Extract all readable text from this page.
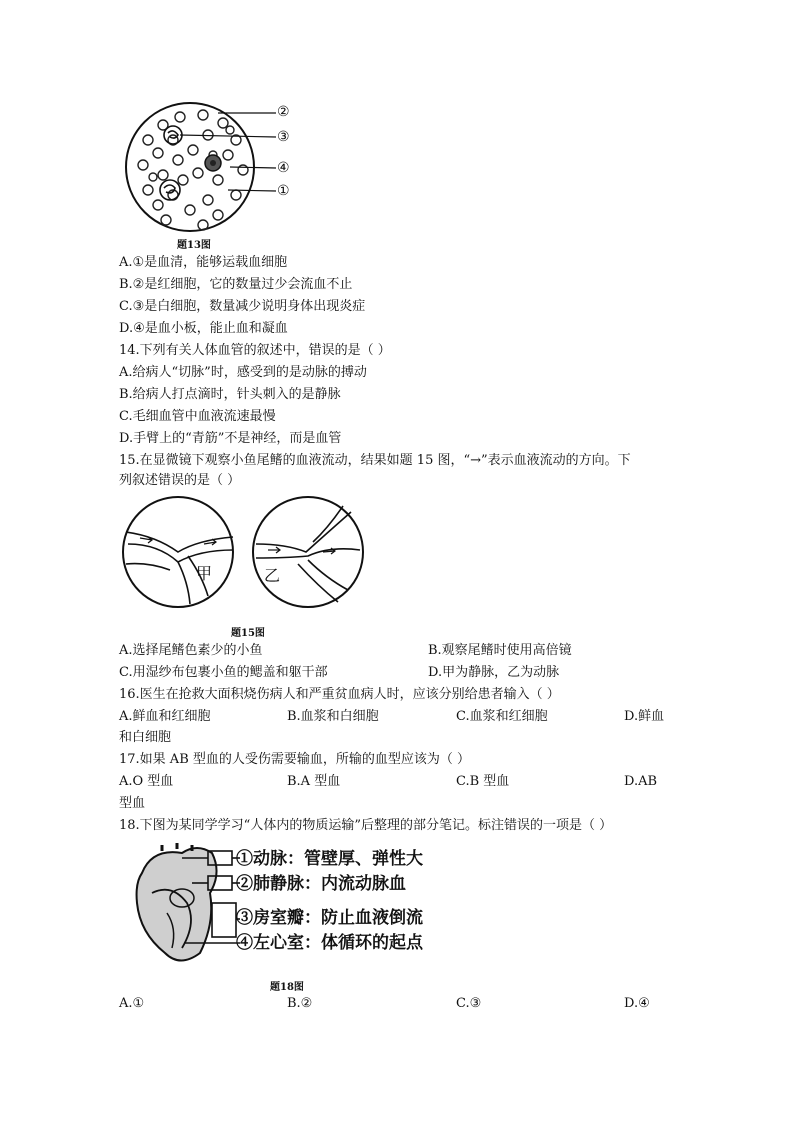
②
③
④
①
题13图
A.①是血清，能够运载血细胞
B.②是红细胞，它的数量过少会流血不止
C.③是白细胞，数量减少说明身体出现炎症
D.④是血小板，能止血和凝血
14.下列有关人体血管的叙述中，错误的是（ ）
A.给病人“切脉”时，感受到的是动脉的搏动
B.给病人打点滴时，针头刺入的是静脉
C.毛细血管中血液流速最慢
D.手臂上的“青筋”不是神经，而是血管
15.在显微镜下观察小鱼尾鳍的血液流动，结果如题 15 图，“→”表示血液流动的方向。下
列叙述错误的是（ ）
甲	乙
题15图
A.选择尾鳍色素少的小鱼	B.观察尾鳍时使用高倍镜
C.用湿纱布包裹小鱼的鳃盖和躯干部	D.甲为静脉，乙为动脉
16.医生在抢救大面积烧伤病人和严重贫血病人时，应该分别给患者输入（ ）
A.鲜血和红细胞	B.血浆和白细胞	C.血浆和红细胞	D.鲜血
和白细胞
17.如果 AB 型血的人受伤需要输血，所输的血型应该为（ ）
A.O 型血	B.A 型血	C.B 型血	D.AB
型血
18.下图为某同学学习“人体内的物质运输”后整理的部分笔记。标注错误的一项是（ ）
①动脉：管壁厚、弹性大
②肺静脉：内流动脉血
③房室瓣：防止血液倒流
④左心室：体循环的起点
题18图
A.①	B.②	C.③	D.④
